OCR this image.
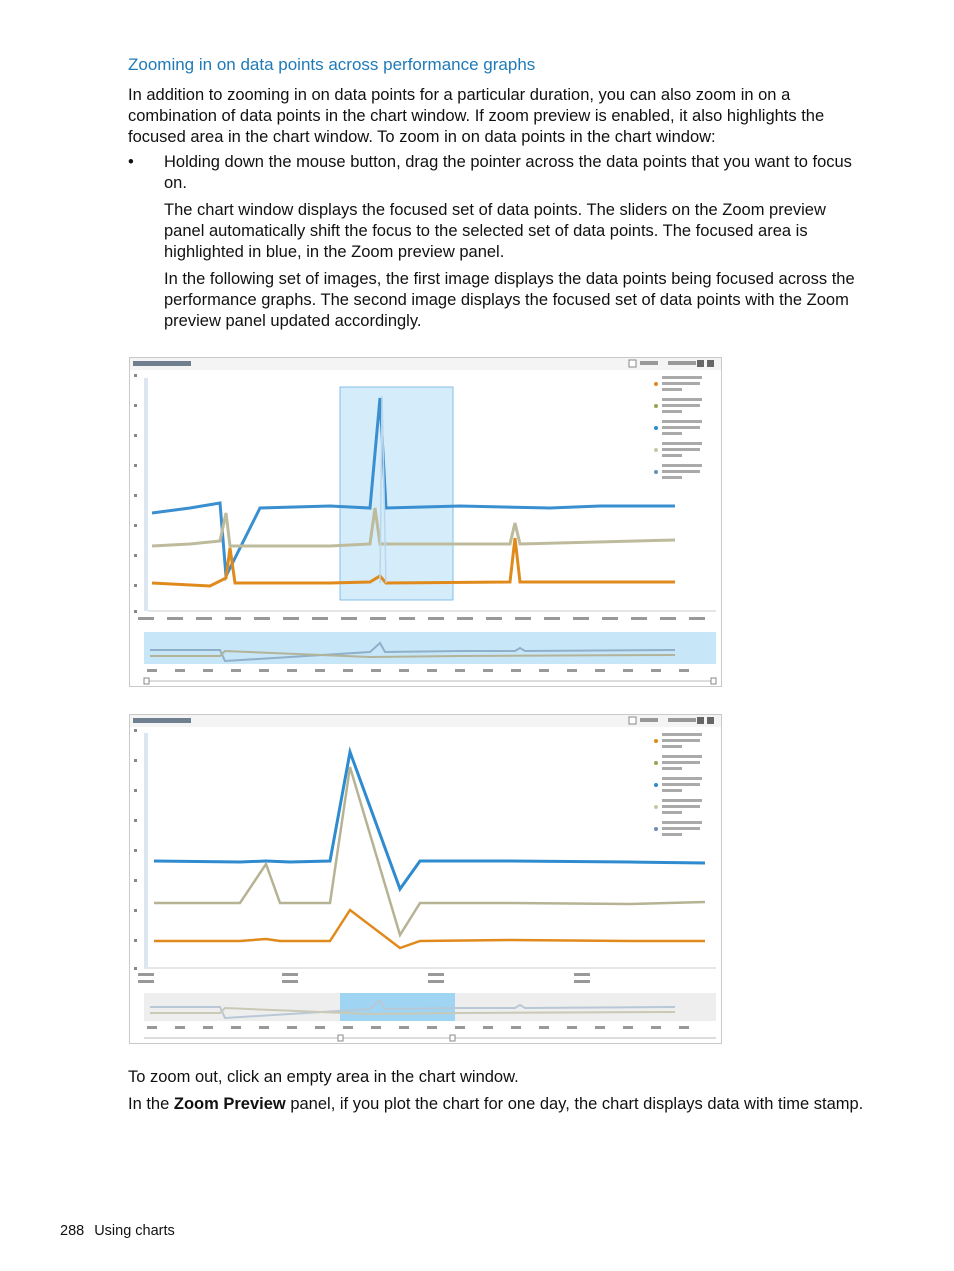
Zooming in on data points across performance graphs

In addition to zooming in on data points for a particular duration, you can also zoom in on a combination of data points in the chart window. If zoom preview is enabled, it also highlights the focused area in the chart window. To zoom in on data points in the chart window:

• Holding down the mouse button, drag the pointer across the data points that you want to focus on.

The chart window displays the focused set of data points. The sliders on the Zoom preview panel automatically shift the focus to the selected set of data points. The focused area is highlighted in blue, in the Zoom preview panel.

In the following set of images, the first image displays the data points being focused across the performance graphs. The second image displays the focused set of data points with the Zoom preview panel updated accordingly.

To zoom out, click an empty area in the chart window.

In the Zoom Preview panel, if you plot the chart for one day, the chart displays data with time stamp.

288 Using charts
